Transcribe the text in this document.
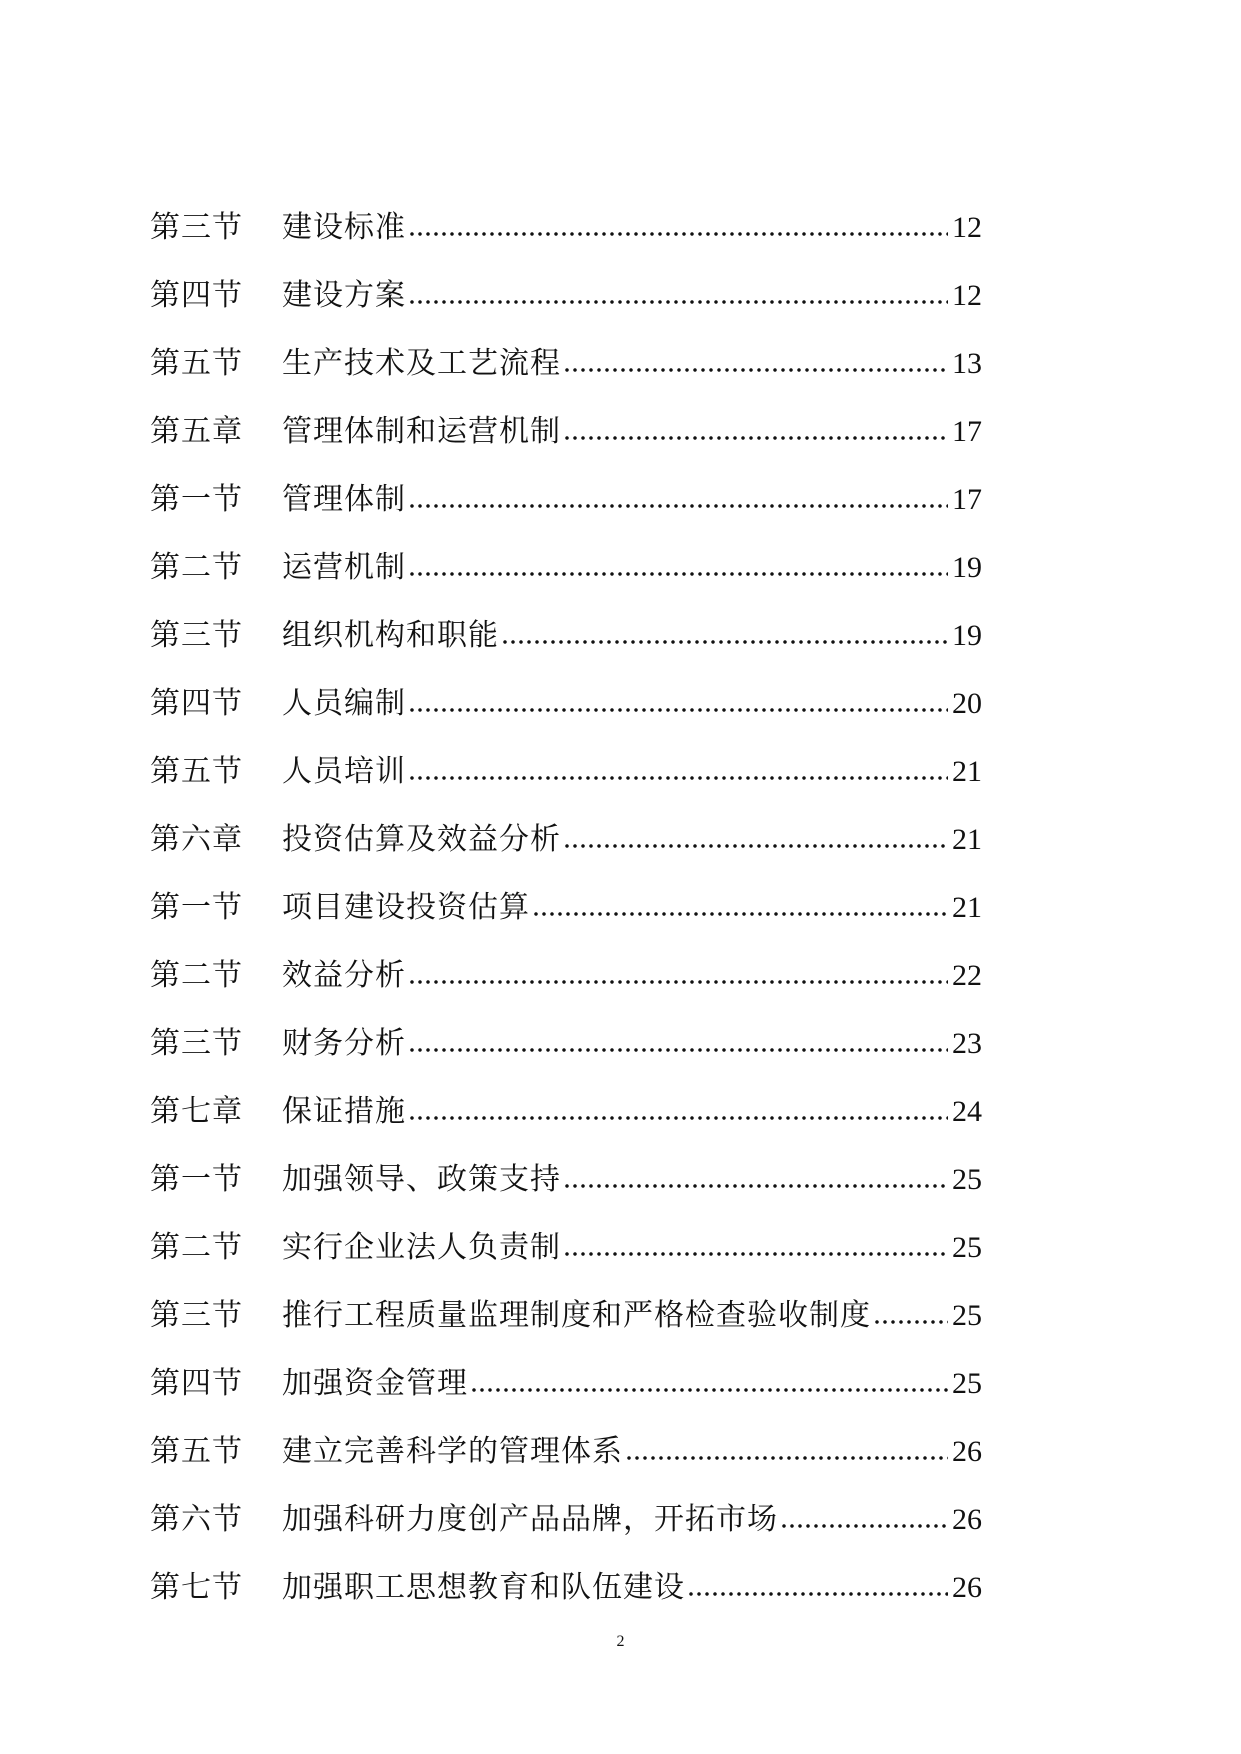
第三节	建设标准	12
第四节	建设方案	12
第五节	生产技术及工艺流程	13
第五章	管理体制和运营机制	17
第一节	管理体制	17
第二节	运营机制	19
第三节	组织机构和职能	19
第四节	人员编制	20
第五节	人员培训	21
第六章	投资估算及效益分析	21
第一节	项目建设投资估算	21
第二节	效益分析	22
第三节	财务分析	23
第七章	保证措施	24
第一节	加强领导、政策支持	25
第二节	实行企业法人负责制	25
第三节	推行工程质量监理制度和严格检查验收制度	25
第四节	加强资金管理	25
第五节	建立完善科学的管理体系	26
第六节	加强科研力度创产品品牌，开拓市场	26
第七节	加强职工思想教育和队伍建设	26
2
